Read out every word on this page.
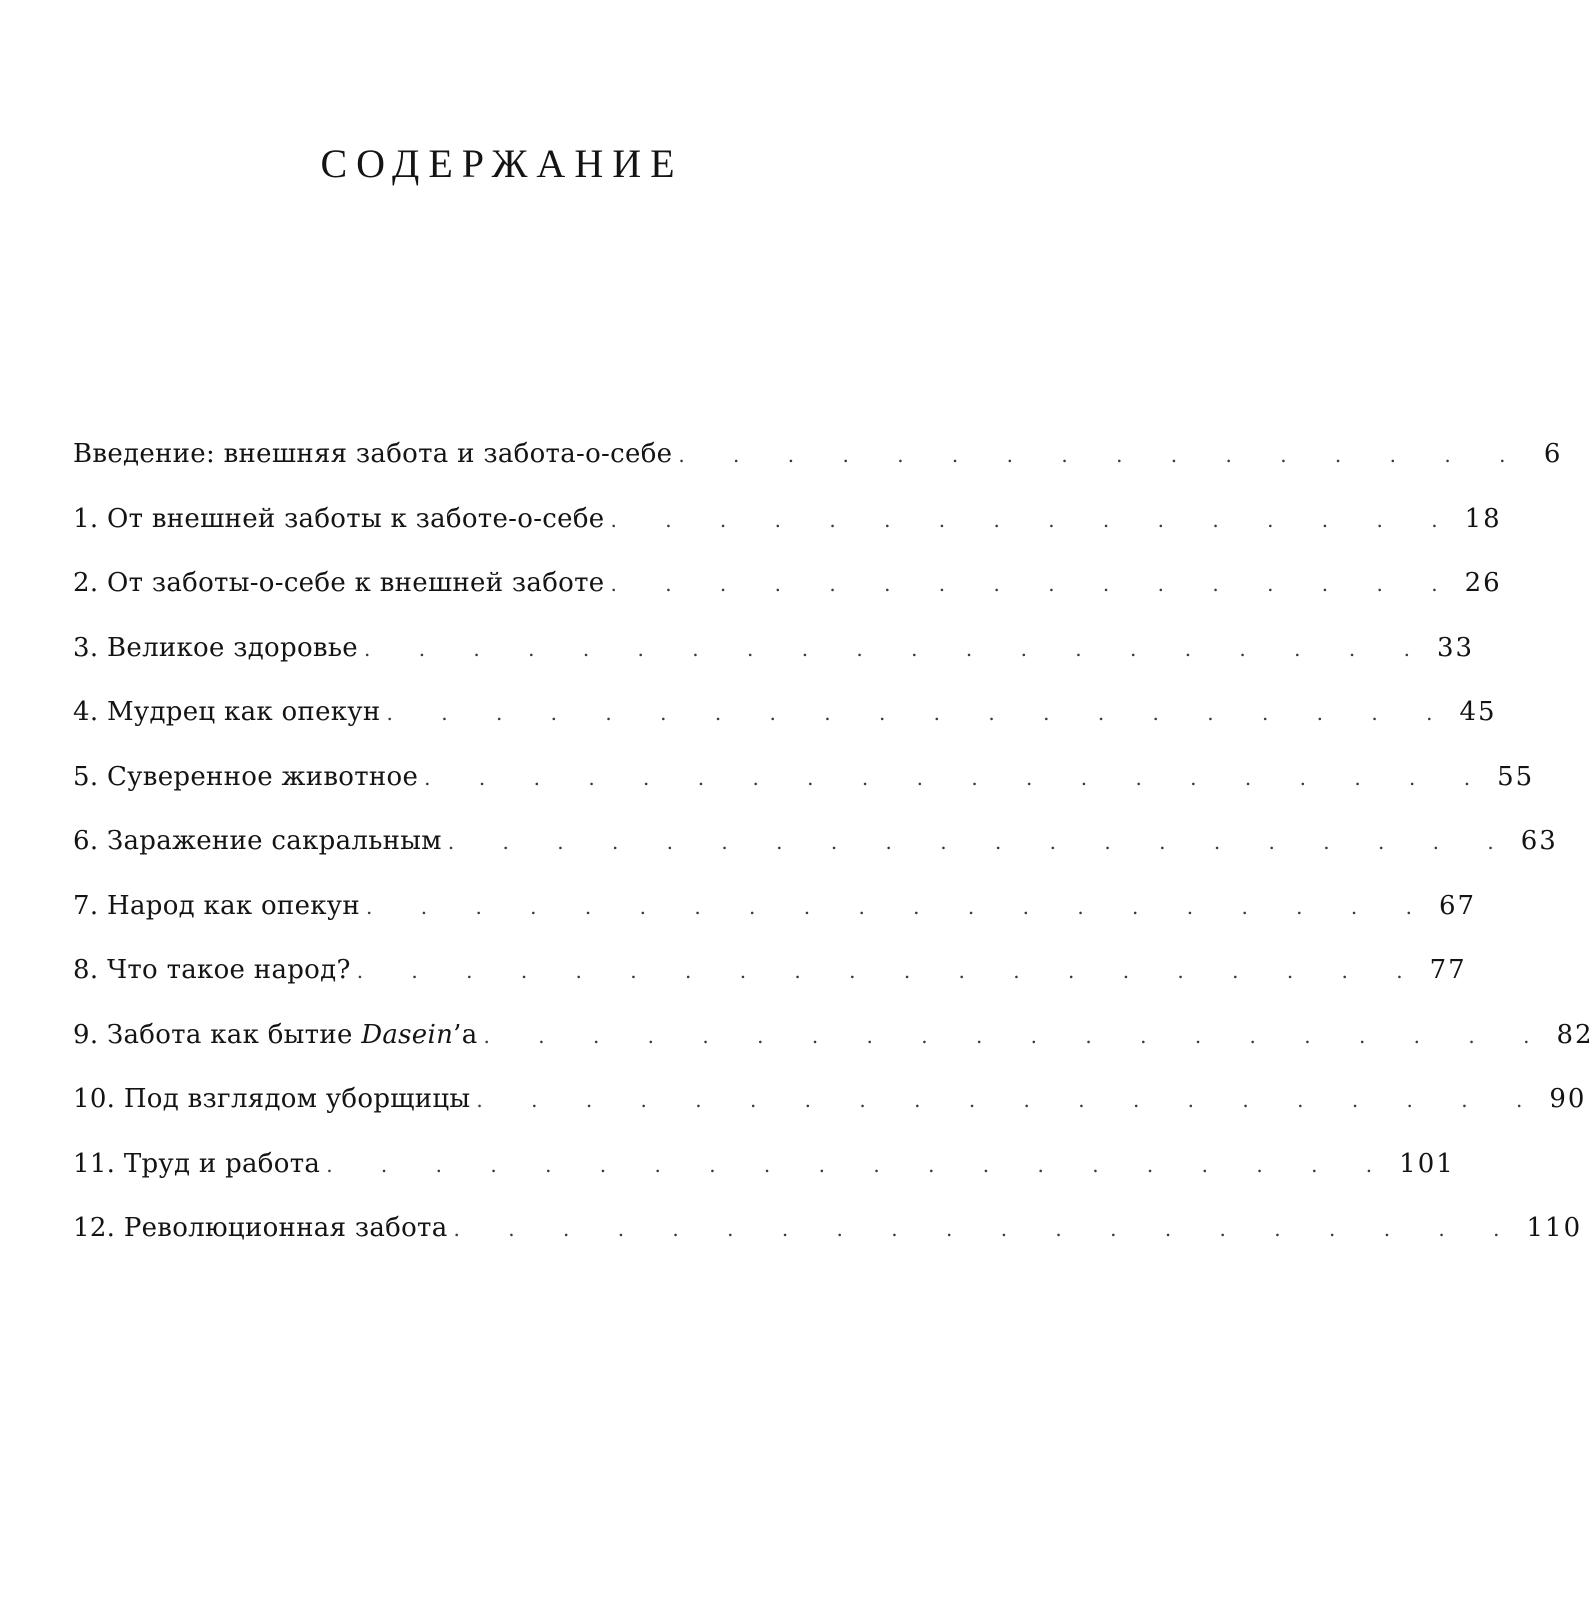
СОДЕРЖАНИЕ
Введение: внешняя забота и забота-о-себе . . . . . . . . . . . . . . . . 6
1. От внешней заботы к заботе-о-себе . . . . . . . . . . . . . . . . 18
2. От заботы-о-себе к внешней заботе . . . . . . . . . . . . . . . . 26
3. Великое здоровье . . . . . . . . . . . . . . . . . . . . 33
4. Мудрец как опекун . . . . . . . . . . . . . . . . . . . . 45
5. Суверенное животное . . . . . . . . . . . . . . . . . . . . 55
6. Заражение сакральным . . . . . . . . . . . . . . . . . . . . 63
7. Народ как опекун . . . . . . . . . . . . . . . . . . . . 67
8. Что такое народ? . . . . . . . . . . . . . . . . . . . . 77
9. Забота как бытие Dasein’а . . . . . . . . . . . . . . . . . . . . 82
10. Под взглядом уборщицы . . . . . . . . . . . . . . . . . . . . 90
11. Труд и работа . . . . . . . . . . . . . . . . . . . . 101
12. Революционная забота . . . . . . . . . . . . . . . . . . . . 110
